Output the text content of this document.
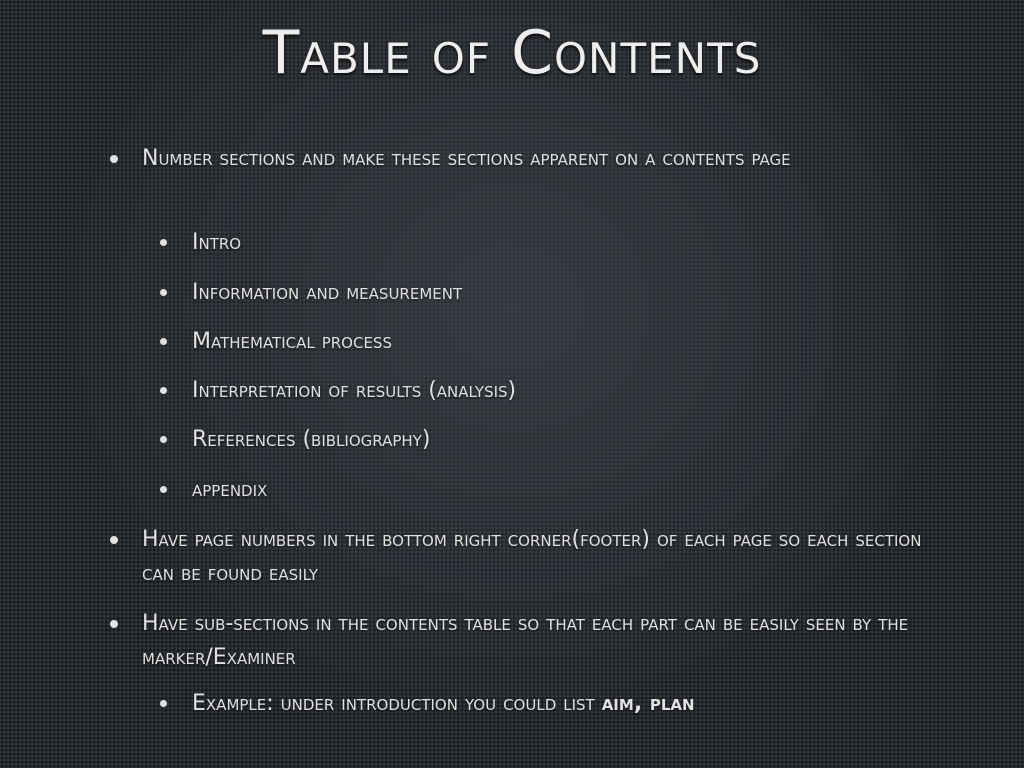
Table of Contents
Number sections and make these sections apparent on a contents page
Intro
Information and measurement
Mathematical process
Interpretation of results (analysis)
References (bibliography)
appendix
Have page numbers in the bottom right corner(footer) of each page so each section can be found easily
Have sub-sections in the contents table so that each part can be easily seen by the marker/Examiner
Example: under introduction you could list aim, plan
